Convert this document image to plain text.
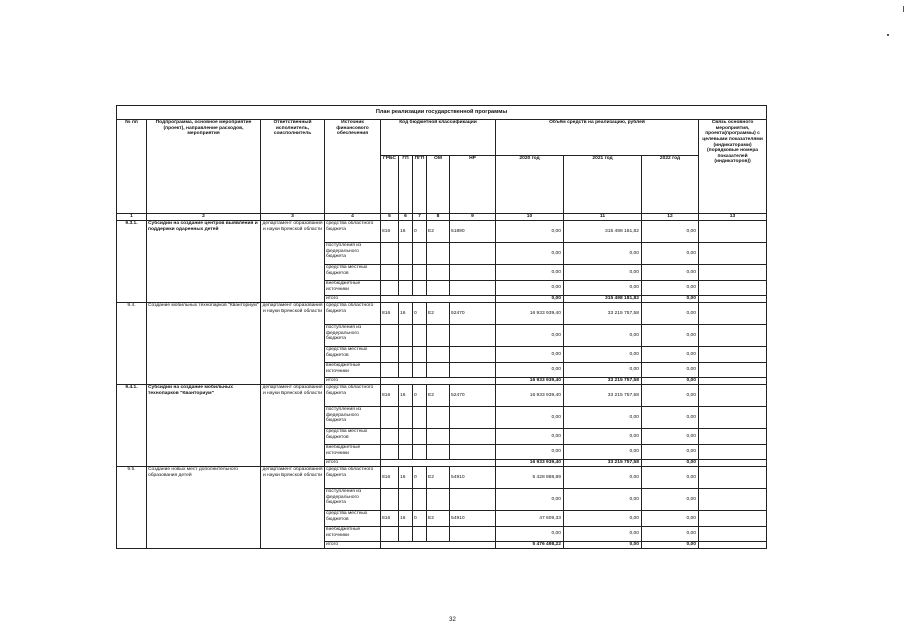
План реализации государственной программы												
№ пп	Подпрограмма, основное мероприятие (проект), направление расходов, мероприятия	Ответственный исполнитель, соисполнитель	Источник финансового обеспечения	Код бюджетной классификации					Объём средств на реализацию, рублей			Связь основного мероприятия, проекта(программы) с целевыми показателями (индикаторами) (порядковые номера показателей (индикаторов))
				ГРБС	ГП	ПГП	ОМ	НР	2020 год	2021 год	2022 год	
1	2	3	4	5	6	7	8	9	10	11	12	13
9.3.1.	Субсидии на создание центров выявления и поддержки одаренных детей	департамент образования и науки Брянской области	средства областного бюджета	816	16	0	E2	51890	0,00	315 498 181,82	0,00	
			поступления из федерального бюджета						0,00	0,00	0,00	
			средства местных бюджетов						0,00	0,00	0,00	
			внебюджетные источники						0,00	0,00	0,00	
			итого						0,00	315 498 181,82	0,00	
9.4.	Создание мобильных технопарков "Кванториум"	департамент образования и науки Брянской области	средства областного бюджета	816	16	0	E2	52470	16 933 939,40	33 215 757,58	0,00	
			поступления из федерального бюджета						0,00	0,00	0,00	
			средства местных бюджетов						0,00	0,00	0,00	
			внебюджетные источники						0,00	0,00	0,00	
			итого						16 933 939,40	33 215 757,58	0,00	
9.4.1.	Субсидии на создание мобильных технопарков "Кванториум"	департамент образования и науки Брянской области	средства областного бюджета	816	16	0	E2	52470	16 933 939,40	33 215 757,58	0,00	
			поступления из федерального бюджета						0,00	0,00	0,00	
			средства местных бюджетов						0,00	0,00	0,00	
			внебюджетные источники						0,00	0,00	0,00	
			итого						16 933 939,40	33 215 757,58	0,00	
9.5.	Создание новых мест дополнительного образования детей	департамент образования и науки Брянской области	средства областного бюджета	816	16	0	E2	54910	5 428 888,89	0,00	0,00	
			поступления из федерального бюджета						0,00	0,00	0,00	
			средства местных бюджетов	816	16	0	E2	54910	47 609,33	0,00	0,00	
			внебюджетные источники						0,00	0,00	0,00	
			итого						5 476 498,22	0,00	0,00	
32
